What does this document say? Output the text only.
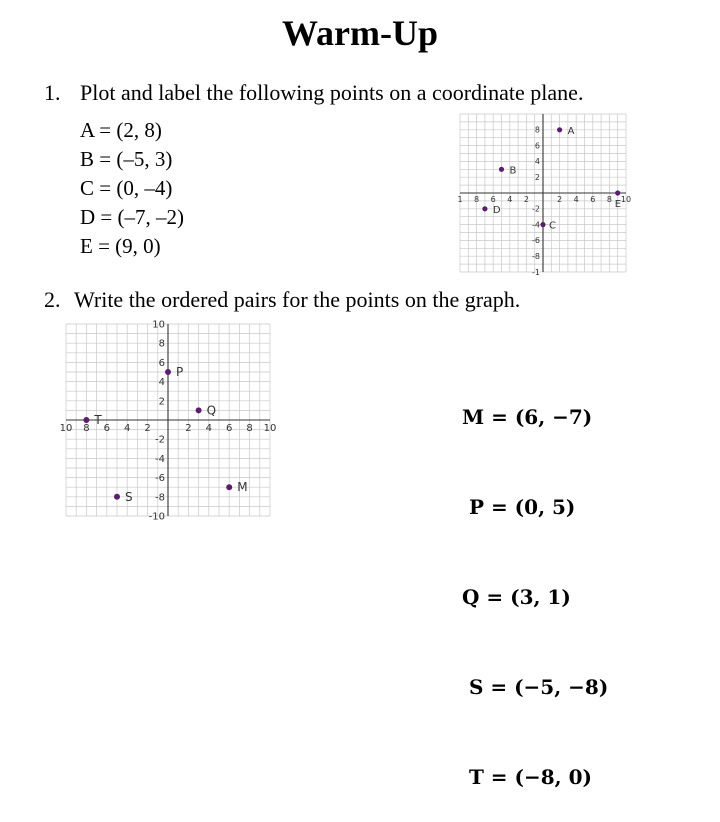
Warm-Up
1. Plot and label the following points on a coordinate plane.
A = (2, 8)
B = (–5, 3)
C = (0, –4)
D = (–7, –2)
E = (9, 0)
1 8 6 4 2	2 4 6 8 10
8
6
4
2
-2
-4
-6
-8
-1
A
B
C
D
E
2. Write the ordered pairs for the points on the graph.
10 8 6 4 2	2 4 6 8 10
10
8
6
4
2
-2
-4
-6
-8
-10
P
Q
T
S
M

M = (6, −7)

P = (0, 5)

Q = (3, 1)

S = (−5, −8)

T = (−8, 0)
